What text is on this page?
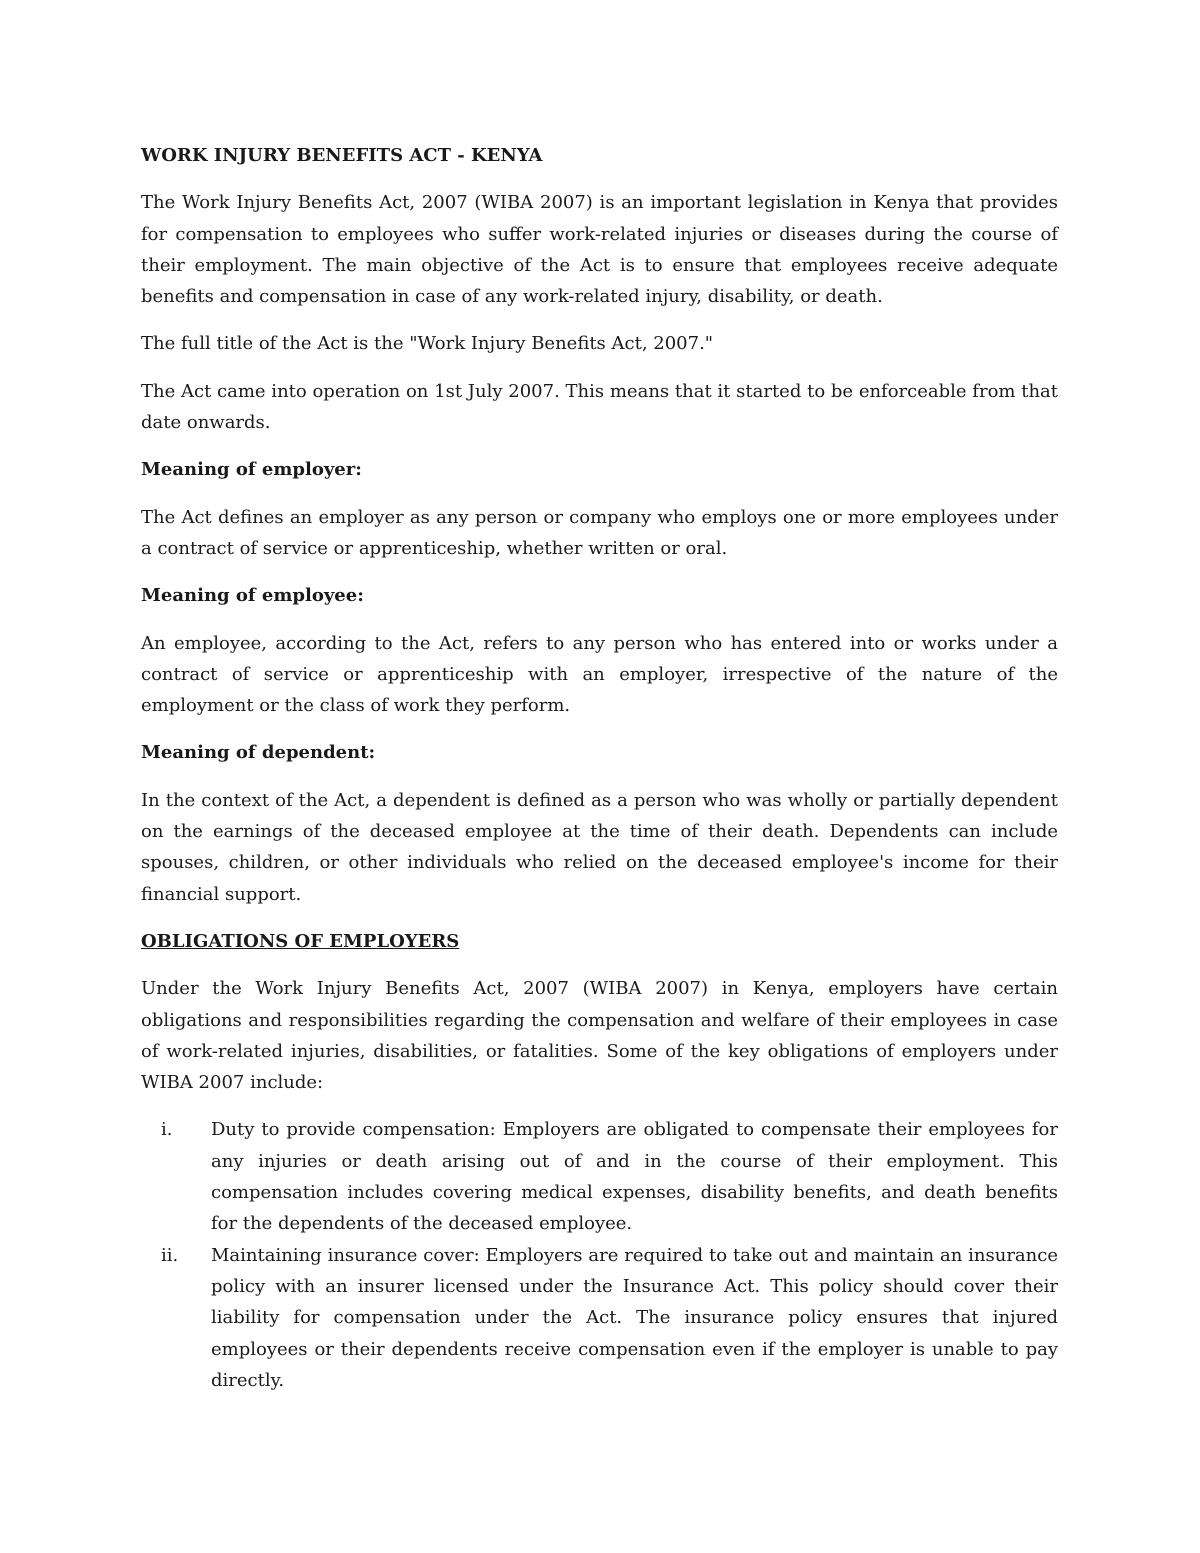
WORK INJURY BENEFITS ACT - KENYA

The Work Injury Benefits Act, 2007 (WIBA 2007) is an important legislation in Kenya that provides for compensation to employees who suffer work-related injuries or diseases during the course of their employment. The main objective of the Act is to ensure that employees receive adequate benefits and compensation in case of any work-related injury, disability, or death.

The full title of the Act is the "Work Injury Benefits Act, 2007."

The Act came into operation on 1st July 2007. This means that it started to be enforceable from that date onwards.

Meaning of employer:

The Act defines an employer as any person or company who employs one or more employees under a contract of service or apprenticeship, whether written or oral.

Meaning of employee:

An employee, according to the Act, refers to any person who has entered into or works under a contract of service or apprenticeship with an employer, irrespective of the nature of the employment or the class of work they perform.

Meaning of dependent:

In the context of the Act, a dependent is defined as a person who was wholly or partially dependent on the earnings of the deceased employee at the time of their death. Dependents can include spouses, children, or other individuals who relied on the deceased employee's income for their financial support.

OBLIGATIONS OF EMPLOYERS

Under the Work Injury Benefits Act, 2007 (WIBA 2007) in Kenya, employers have certain obligations and responsibilities regarding the compensation and welfare of their employees in case of work-related injuries, disabilities, or fatalities. Some of the key obligations of employers under WIBA 2007 include:

i.	Duty to provide compensation: Employers are obligated to compensate their employees for any injuries or death arising out of and in the course of their employment. This compensation includes covering medical expenses, disability benefits, and death benefits for the dependents of the deceased employee.
ii.	Maintaining insurance cover: Employers are required to take out and maintain an insurance policy with an insurer licensed under the Insurance Act. This policy should cover their liability for compensation under the Act. The insurance policy ensures that injured employees or their dependents receive compensation even if the employer is unable to pay directly.
